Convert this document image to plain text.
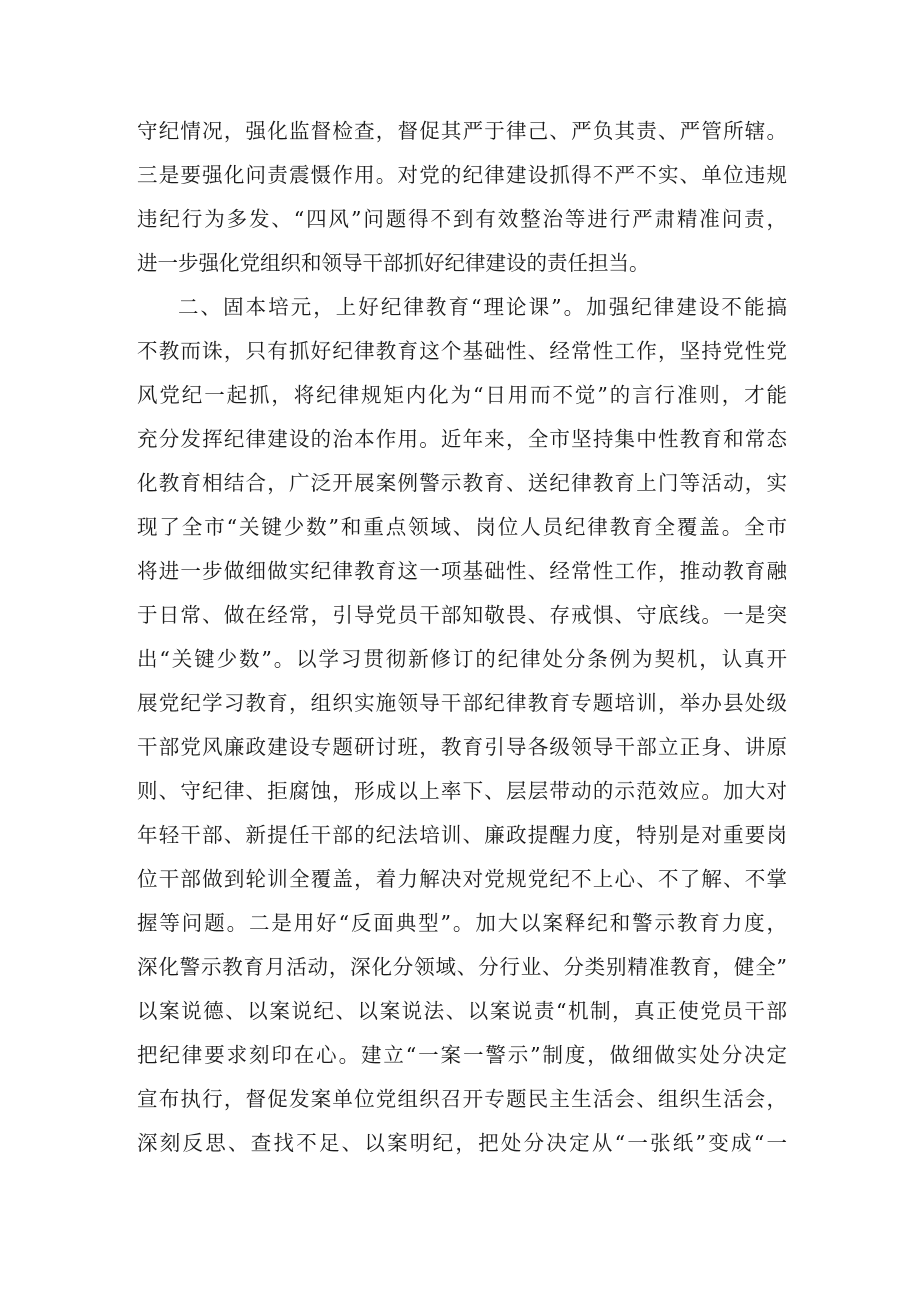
守纪情况，强化监督检查，督促其严于律己、严负其责、严管所辖。
三是要强化问责震慑作用。对党的纪律建设抓得不严不实、单位违规
违纪行为多发、“四风”问题得不到有效整治等进行严肃精准问责，
进一步强化党组织和领导干部抓好纪律建设的责任担当。
二、固本培元，上好纪律教育“理论课”。加强纪律建设不能搞
不教而诛，只有抓好纪律教育这个基础性、经常性工作，坚持党性党
风党纪一起抓，将纪律规矩内化为“日用而不觉”的言行准则，才能
充分发挥纪律建设的治本作用。近年来，全市坚持集中性教育和常态
化教育相结合，广泛开展案例警示教育、送纪律教育上门等活动，实
现了全市“关键少数”和重点领域、岗位人员纪律教育全覆盖。全市
将进一步做细做实纪律教育这一项基础性、经常性工作，推动教育融
于日常、做在经常，引导党员干部知敬畏、存戒惧、守底线。一是突
出“关键少数”。以学习贯彻新修订的纪律处分条例为契机，认真开
展党纪学习教育，组织实施领导干部纪律教育专题培训，举办县处级
干部党风廉政建设专题研讨班，教育引导各级领导干部立正身、讲原
则、守纪律、拒腐蚀，形成以上率下、层层带动的示范效应。加大对
年轻干部、新提任干部的纪法培训、廉政提醒力度，特别是对重要岗
位干部做到轮训全覆盖，着力解决对党规党纪不上心、不了解、不掌
握等问题。二是用好“反面典型”。加大以案释纪和警示教育力度，
深化警示教育月活动，深化分领域、分行业、分类别精准教育，健全”
以案说德、以案说纪、以案说法、以案说责“机制，真正使党员干部
把纪律要求刻印在心。建立“一案一警示”制度，做细做实处分决定
宣布执行，督促发案单位党组织召开专题民主生活会、组织生活会，
深刻反思、查找不足、以案明纪，把处分决定从“一张纸”变成“一
